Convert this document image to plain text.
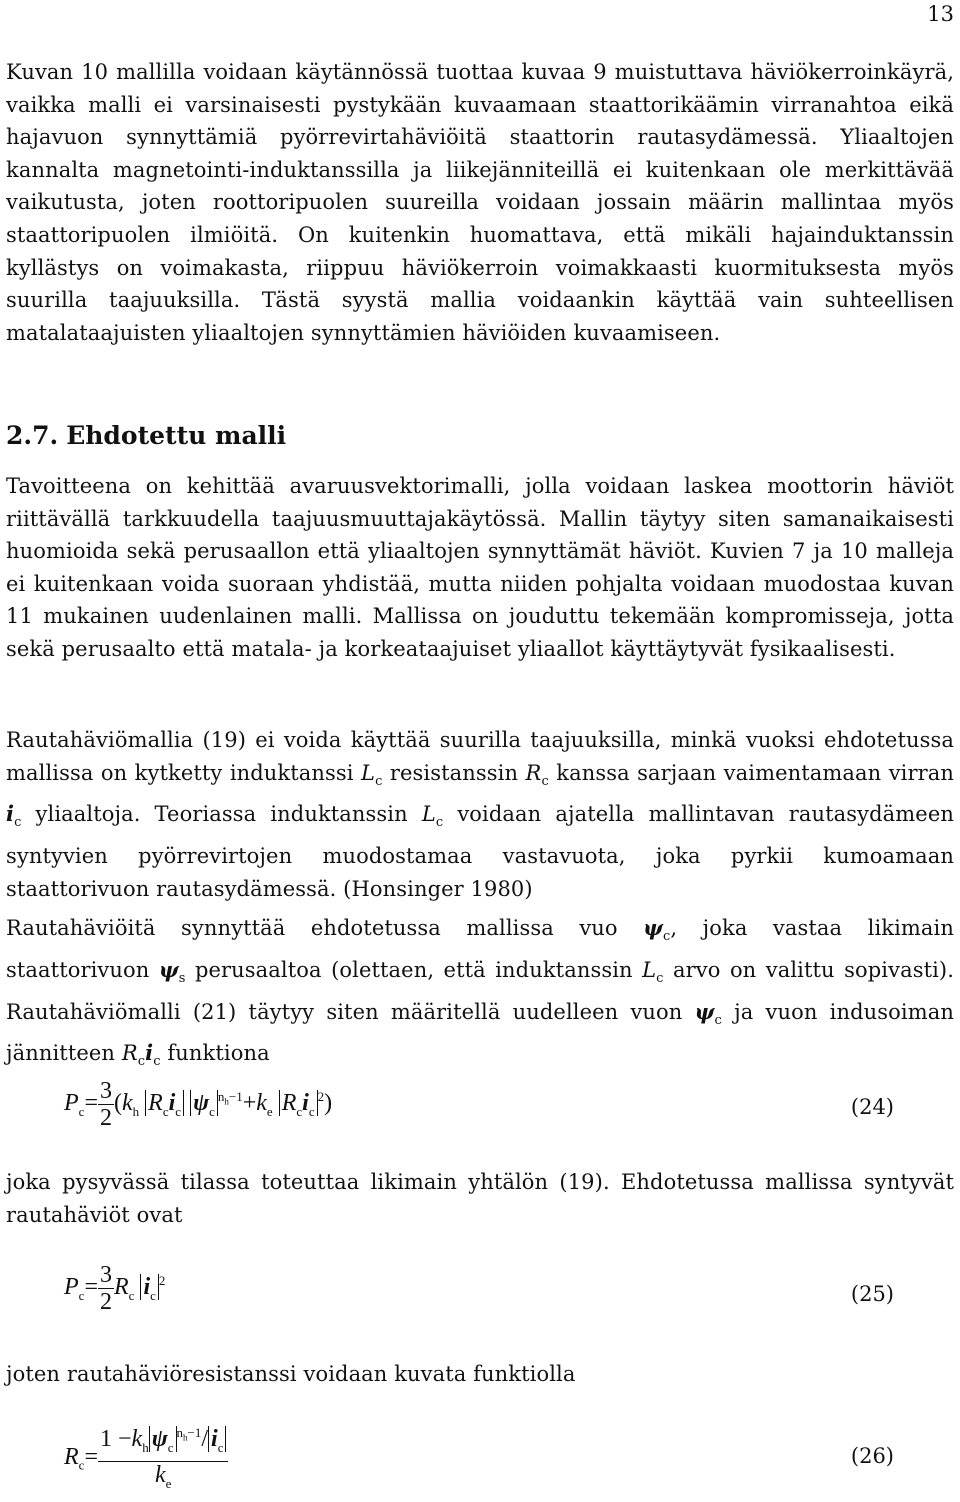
13

Kuvan 10 mallilla voidaan käytännössä tuottaa kuvaa 9 muistuttava häviökerroinkäyrä, vaikka malli ei varsinaisesti pystykään kuvaamaan staattorikäämin virranahtoa eikä hajavuon synnyttämiä pyörrevirtahäviöitä staattorin rautasydämessä. Yliaaltojen kannalta magnetointi-induktanssilla ja liikejänniteillä ei kuitenkaan ole merkittävää vaikutusta, joten roottoripuolen suureilla voidaan jossain määrin mallintaa myös staattoripuolen ilmiöitä. On kuitenkin huomattava, että mikäli hajainduktanssin kyllästys on voimakasta, riippuu häviökerroin voimakkaasti kuormituksesta myös suurilla taajuuksilla. Tästä syystä mallia voidaankin käyttää vain suhteellisen matalataajuisten yliaaltojen synnyttämien häviöiden kuvaamiseen.

2.7. Ehdotettu malli

Tavoitteena on kehittää avaruusvektorimalli, jolla voidaan laskea moottorin häviöt riittävällä tarkkuudella taajuusmuuttajakäytössä. Mallin täytyy siten samanaikaisesti huomioida sekä perusaallon että yliaaltojen synnyttämät häviöt. Kuvien 7 ja 10 malleja ei kuitenkaan voida suoraan yhdistää, mutta niiden pohjalta voidaan muodostaa kuvan 11 mukainen uudenlainen malli. Mallissa on jouduttu tekemään kompromisseja, jotta sekä perusaalto että matala- ja korkeataajuiset yliaallot käyttäytyvät fysikaalisesti.

Rautahäviömallia (19) ei voida käyttää suurilla taajuuksilla, minkä vuoksi ehdotetussa mallissa on kytketty induktanssi $L_c$ resistanssin $R_c$ kanssa sarjaan vaimentamaan virran $i_c$ yliaaltoja. Teoriassa induktanssin $L_c$ voidaan ajatella mallintavan rautasydämeen syntyvien pyörrevirtojen muodostamaa vastavuota, joka pyrkii kumoamaan staattorivuon rautasydämessä. (Honsinger 1980)

Rautahäviöitä synnyttää ehdotetussa mallissa vuo $\psi_c$, joka vastaa likimain staattorivuon $\psi_s$ perusaaltoa (olettaen, että induktanssin $L_c$ arvo on valittu sopivasti). Rautahäviömalli (21) täytyy siten määritellä uudelleen vuon $\psi_c$ ja vuon indusoiman jännitteen $R_ci_c$ funktiona

$P_c= \frac{3}{2} (k_h$ $R_ci_c$ $\psi_c^{n_h-1}+k_e$ $R_ci_c^2$)	(24)

joka pysyvässä tilassa toteuttaa likimain yhtälön (19). Ehdotetussa mallissa syntyvät rautahäviöt ovat

$P_c= \frac{3}{2} R_c$ $i_c^2$
(25)

joten rautahäviöresistanssi voidaan kuvata funktiolla

$R_c= \frac{1 -k_h \psi_c^{n_h-1}/ i_c}{k_e}$	(26)
